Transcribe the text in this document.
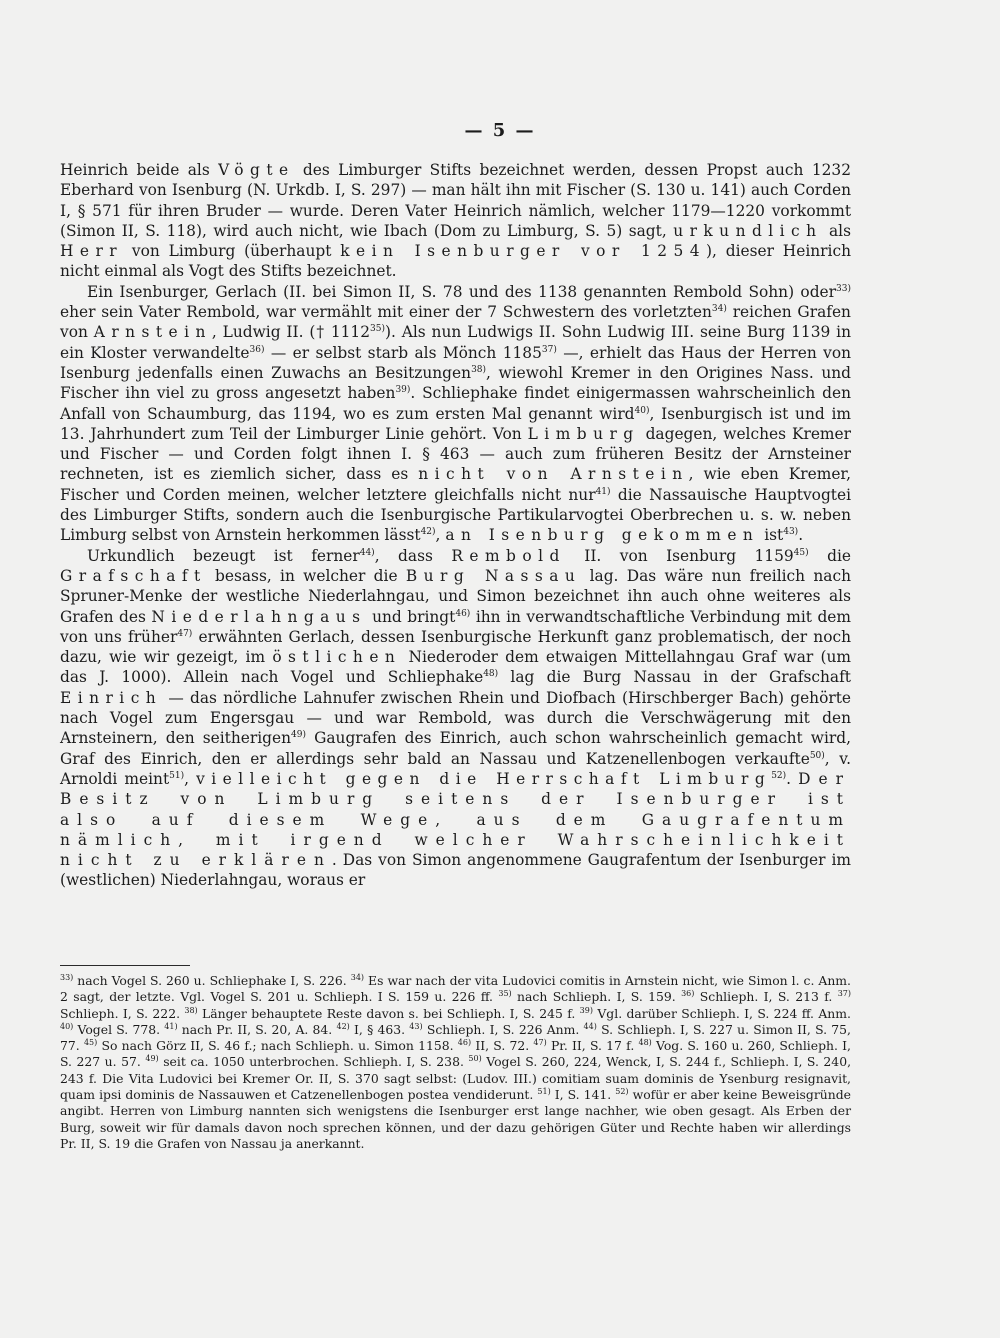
— 5 —

Heinrich beide als Vögte des Limburger Stifts bezeichnet werden, dessen Propst auch 1232 Eberhard von Isenburg (N. Urkdb. I, S. 297) — man hält ihn mit Fischer (S. 130 u. 141) auch Corden I, § 571 für ihren Bruder — wurde. Deren Vater Heinrich nämlich, welcher 1179—1220 vorkommt (Simon II, S. 118), wird auch nicht, wie Ibach (Dom zu Limburg, S. 5) sagt, urkundlich als Herr von Limburg (überhaupt kein Isenburger vor 1254), dieser Heinrich nicht einmal als Vogt des Stifts bezeichnet.

Ein Isenburger, Gerlach (II. bei Simon II, S. 78 und des 1138 genannten Rembold Sohn) oder$^{33)}$ eher sein Vater Rembold, war vermählt mit einer der 7 Schwestern des vorletzten$^{34)}$ reichen Grafen von Arnstein, Ludwig II. († 1112$^{35)}$). Als nun Ludwigs II. Sohn Ludwig III. seine Burg 1139 in ein Kloster verwandelte$^{36)}$ — er selbst starb als Mönch 1185$^{37)}$ —, erhielt das Haus der Herren von Isenburg jedenfalls einen Zuwachs an Besitzungen$^{38)}$, wiewohl Kremer in den Origines Nass. und Fischer ihn viel zu gross angesetzt haben$^{39)}$. Schliephake findet einigermassen wahrscheinlich den Anfall von Schaumburg, das 1194, wo es zum ersten Mal genannt wird$^{40)}$, Isenburgisch ist und im 13. Jahrhundert zum Teil der Limburger Linie gehört. Von Limburg dagegen, welches Kremer und Fischer — und Corden folgt ihnen I. § 463 — auch zum früheren Besitz der Arnsteiner rechneten, ist es ziemlich sicher, dass es nicht von Arnstein, wie eben Kremer, Fischer und Corden meinen, welcher letztere gleichfalls nicht nur$^{41)}$ die Nassauische Hauptvogtei des Limburger Stifts, sondern auch die Isenburgische Partikularvogtei Oberbrechen u. s. w. neben Limburg selbst von Arnstein herkommen lässt$^{42)}$, an Isenburg gekommen ist$^{43)}$.

Urkundlich bezeugt ist ferner$^{44)}$, dass Rembold II. von Isenburg 1159$^{45)}$ die Grafschaft besass, in welcher die Burg Nassau lag. Das wäre nun freilich nach Spruner-Menke der westliche Niederlahngau, und Simon bezeichnet ihn auch ohne weiteres als Grafen des Niederlahngaus und bringt$^{46)}$ ihn in verwandtschaftliche Verbindung mit dem von uns früher$^{47)}$ erwähnten Gerlach, dessen Isenburgische Herkunft ganz problematisch, der noch dazu, wie wir gezeigt, im östlichen Niederoder dem etwaigen Mittellahngau Graf war (um das J. 1000). Allein nach Vogel und Schliephake$^{48)}$ lag die Burg Nassau in der Grafschaft Einrich — das nördliche Lahnufer zwischen Rhein und Diofbach (Hirschberger Bach) gehörte nach Vogel zum Engersgau — und war Rembold, was durch die Verschwägerung mit den Arnsteinern, den seitherigen$^{49)}$ Gaugrafen des Einrich, auch schon wahrscheinlich gemacht wird, Graf des Einrich, den er allerdings sehr bald an Nassau und Katzenellenbogen verkaufte$^{50)}$, v. Arnoldi meint$^{51)}$, vielleicht gegen die Herrschaft Limburg$^{52)}$. Der Besitz von Limburg seitens der Isenburger ist also auf diesem Wege, aus dem Gaugrafentum nämlich, mit irgend welcher Wahrscheinlichkeit nicht zu erklären. Das von Simon angenommene Gaugrafentum der Isenburger im (westlichen) Niederlahngau, woraus er

$^{33)}$ nach Vogel S. 260 u. Schliephake I, S. 226. $^{34)}$ Es war nach der vita Ludovici comitis in Arnstein nicht, wie Simon l. c. Anm. 2 sagt, der letzte. Vgl. Vogel S. 201 u. Schlieph. I S. 159 u. 226 ff. $^{35)}$ nach Schlieph. I, S. 159. $^{36)}$ Schlieph. I, S. 213 f. $^{37)}$ Schlieph. I, S. 222. $^{38)}$ Länger behauptete Reste davon s. bei Schlieph. I, S. 245 f. $^{39)}$ Vgl. darüber Schlieph. I, S. 224 ff. Anm. $^{40)}$ Vogel S. 778. $^{41)}$ nach Pr. II, S. 20, A. 84. $^{42)}$ I, § 463. $^{43)}$ Schlieph. I, S. 226 Anm. $^{44)}$ S. Schlieph. I, S. 227 u. Simon II, S. 75, 77. $^{45)}$ So nach Görz II, S. 46 f.; nach Schlieph. u. Simon 1158. $^{46)}$ II, S. 72. $^{47)}$ Pr. II, S. 17 f. $^{48)}$ Vog. S. 160 u. 260, Schlieph. I, S. 227 u. 57. $^{49)}$ seit ca. 1050 unterbrochen. Schlieph. I, S. 238. $^{50)}$ Vogel S. 260, 224, Wenck, I, S. 244 f., Schlieph. I, S. 240, 243 f. Die Vita Ludovici bei Kremer Or. II, S. 370 sagt selbst: (Ludov. III.) comitiam suam dominis de Ysenburg resignavit, quam ipsi dominis de Nassauwen et Catzenellenbogen postea vendiderunt. $^{51)}$ I, S. 141. $^{52)}$ wofür er aber keine Beweisgründe angibt. Herren von Limburg nannten sich wenigstens die Isenburger erst lange nachher, wie oben gesagt. Als Erben der Burg, soweit wir für damals davon noch sprechen können, und der dazu gehörigen Güter und Rechte haben wir allerdings Pr. II, S. 19 die Grafen von Nassau ja anerkannt.
